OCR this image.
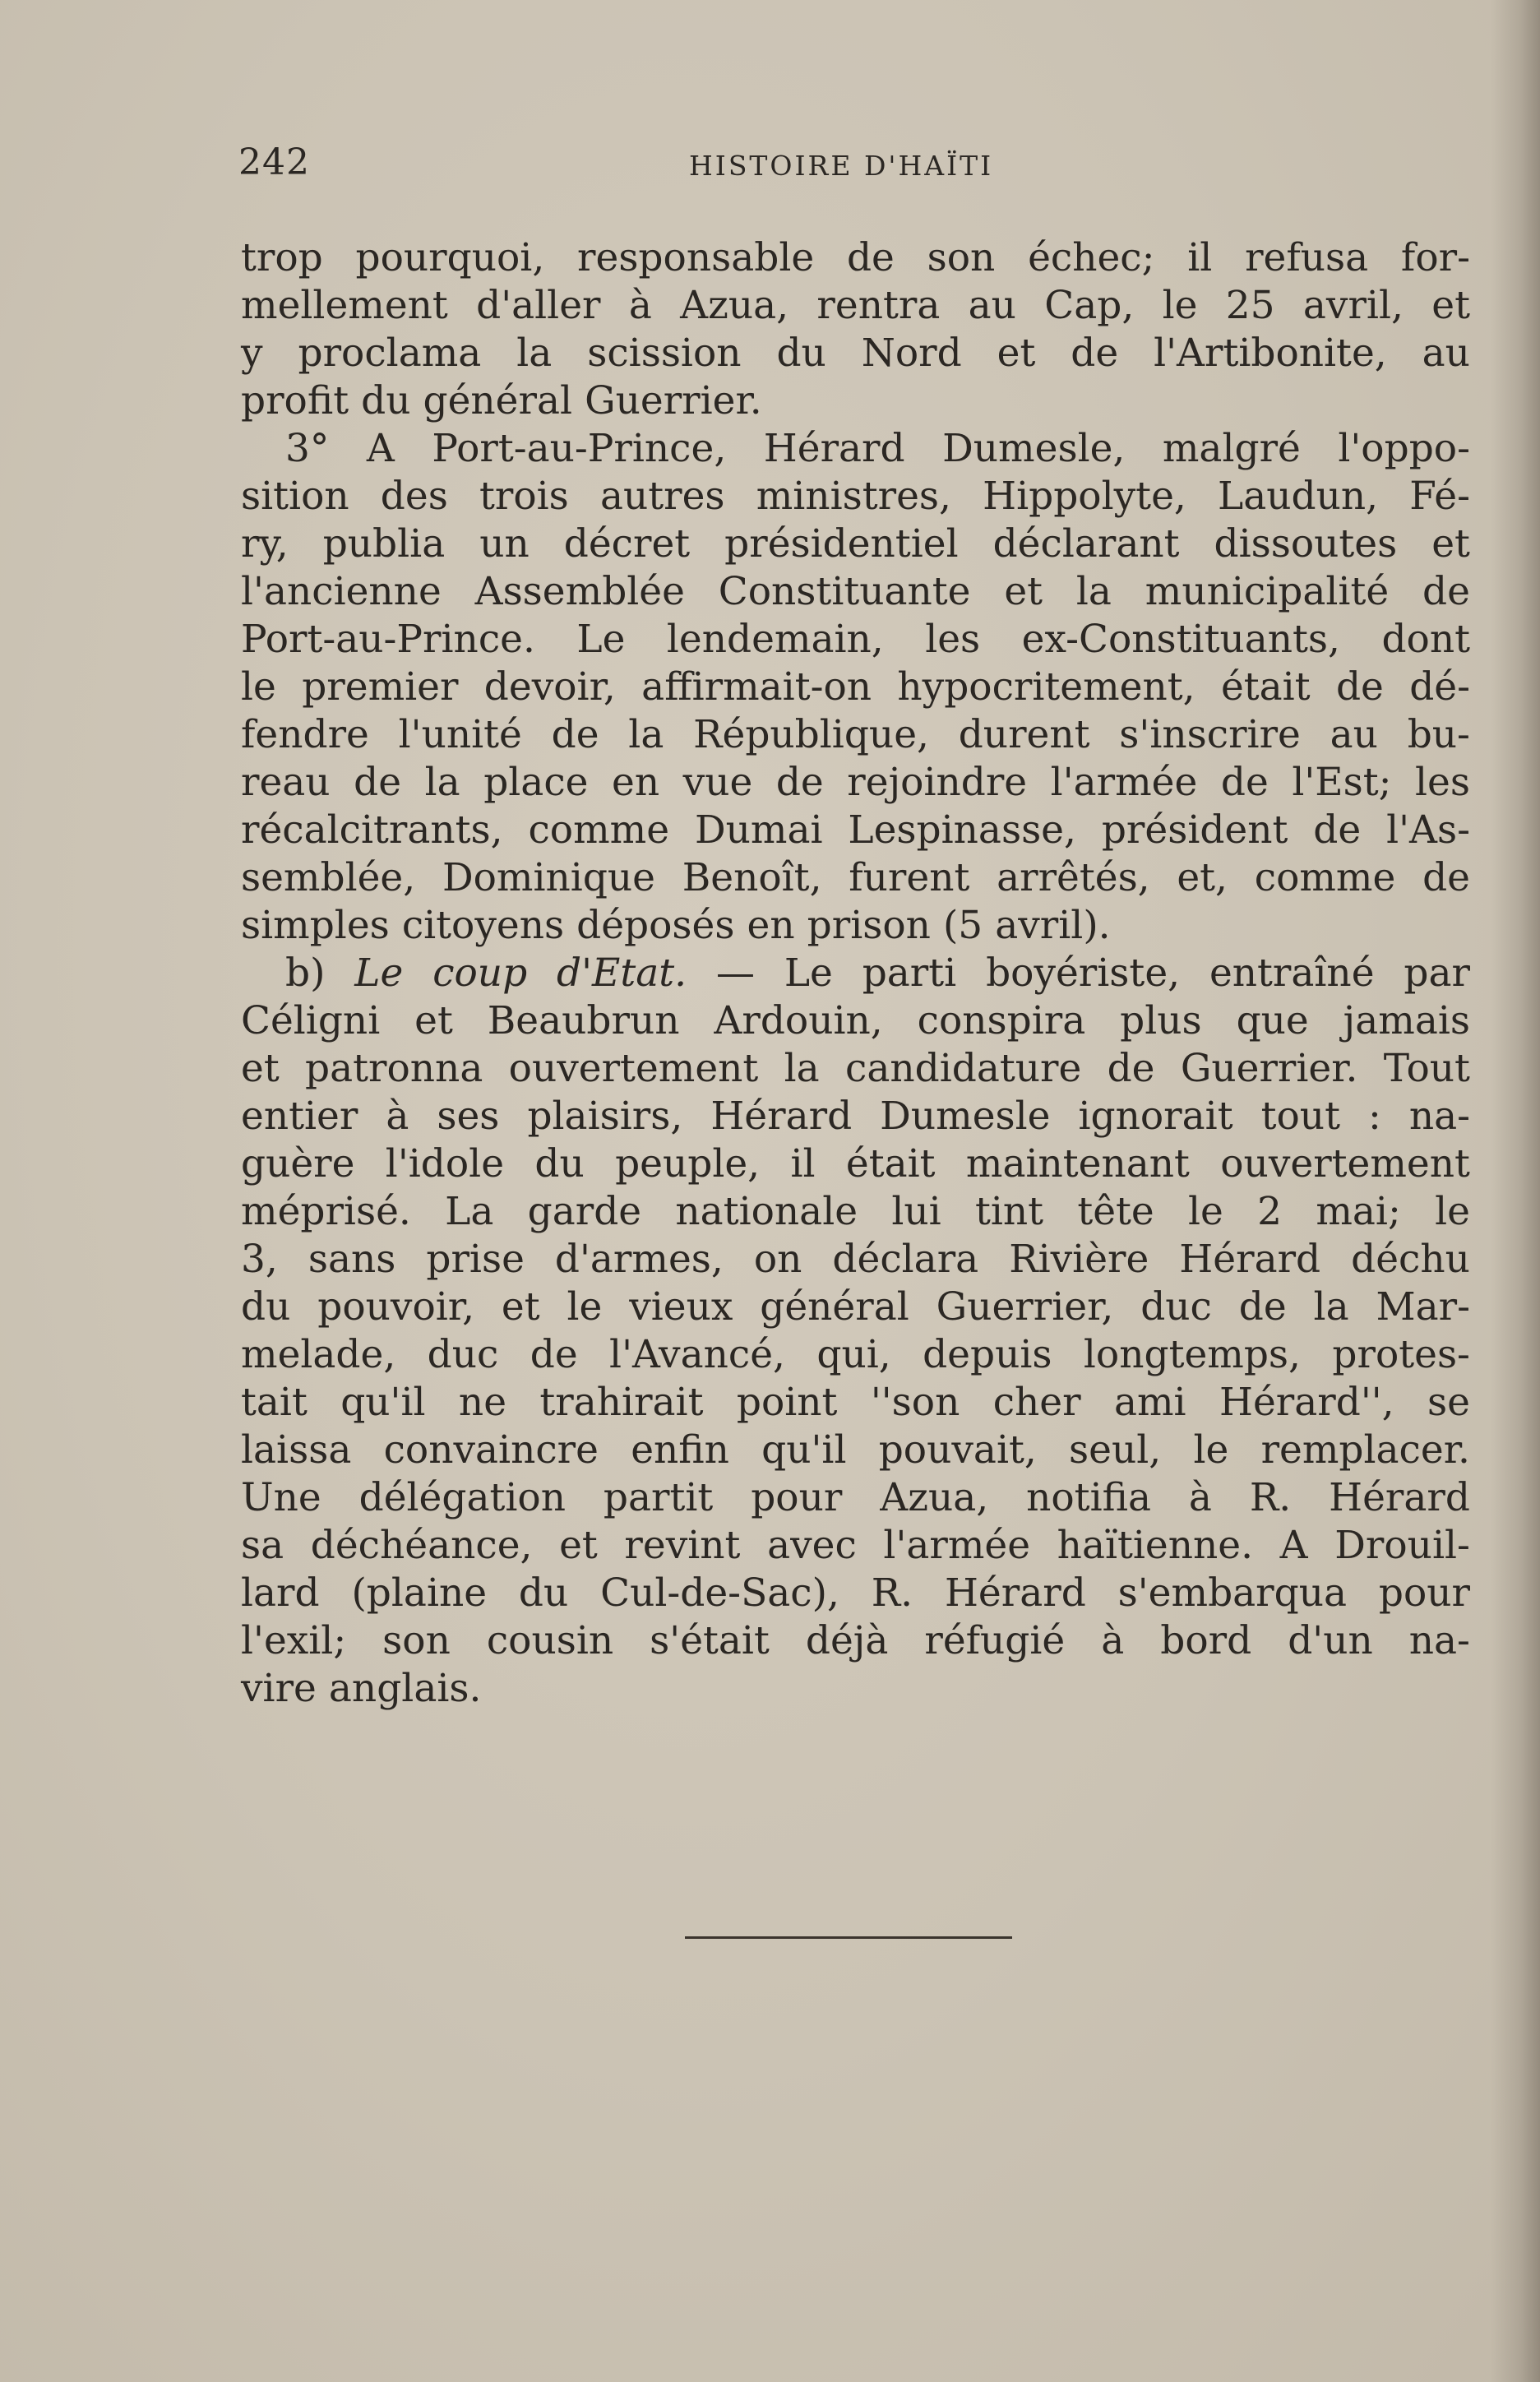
242	HISTOIRE D'HAÏTI
trop pourquoi, responsable de son échec; il refusa for-
mellement d'aller à Azua, rentra au Cap, le 25 avril, et
y proclama la scission du Nord et de l'Artibonite, au
profit du général Guerrier.
3° A Port-au-Prince, Hérard Dumesle, malgré l'oppo-
sition des trois autres ministres, Hippolyte, Laudun, Fé-
ry, publia un décret présidentiel déclarant dissoutes et
l'ancienne Assemblée Constituante et la municipalité de
Port-au-Prince. Le lendemain, les ex-Constituants, dont
le premier devoir, affirmait-on hypocritement, était de dé-
fendre l'unité de la République, durent s'inscrire au bu-
reau de la place en vue de rejoindre l'armée de l'Est; les
récalcitrants, comme Dumai Lespinasse, président de l'As-
semblée, Dominique Benoît, furent arrêtés, et, comme de
simples citoyens déposés en prison (5 avril).
b) Le coup d'Etat. — Le parti boyériste, entraîné par
Céligni et Beaubrun Ardouin, conspira plus que jamais
et patronna ouvertement la candidature de Guerrier. Tout
entier à ses plaisirs, Hérard Dumesle ignorait tout : na-
guère l'idole du peuple, il était maintenant ouvertement
méprisé. La garde nationale lui tint tête le 2 mai; le
3, sans prise d'armes, on déclara Rivière Hérard déchu
du pouvoir, et le vieux général Guerrier, duc de la Mar-
melade, duc de l'Avancé, qui, depuis longtemps, protes-
tait qu'il ne trahirait point ''son cher ami Hérard'', se
laissa convaincre enfin qu'il pouvait, seul, le remplacer.
Une délégation partit pour Azua, notifia à R. Hérard
sa déchéance, et revint avec l'armée haïtienne. A Drouil-
lard (plaine du Cul-de-Sac), R. Hérard s'embarqua pour
l'exil; son cousin s'était déjà réfugié à bord d'un na-
vire anglais.
